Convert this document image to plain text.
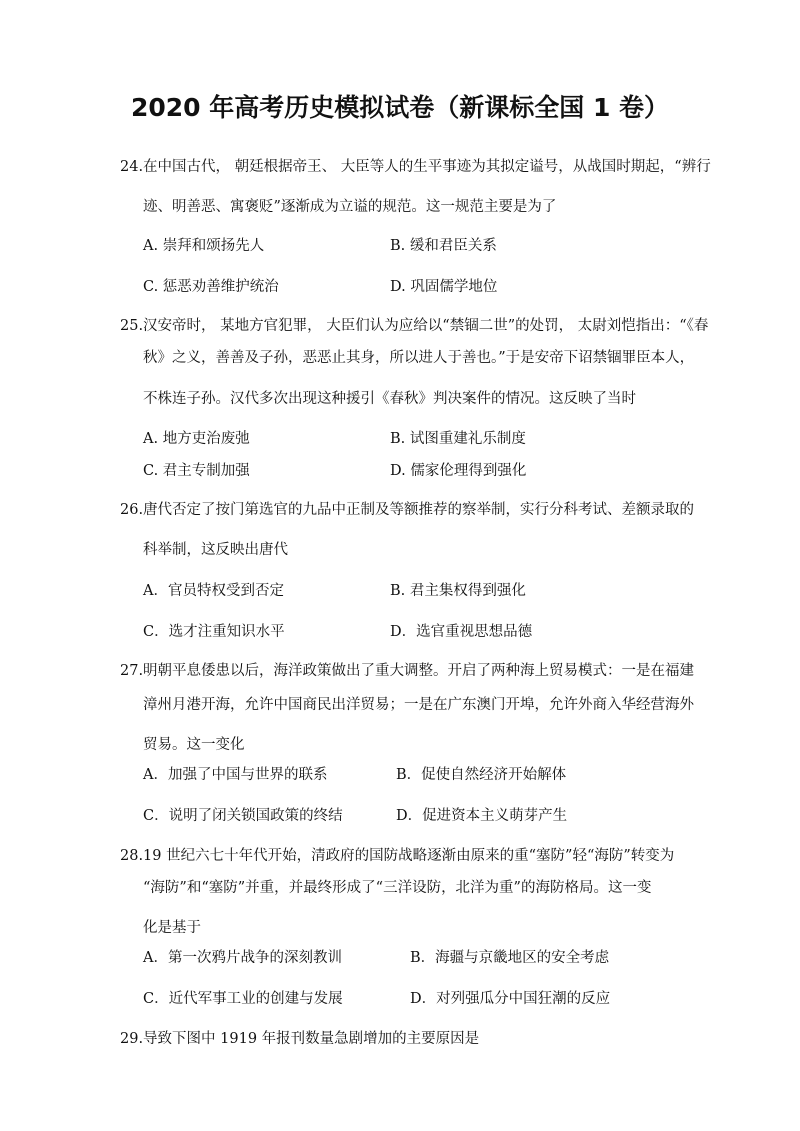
2020 年高考历史模拟试卷（新课标全国 1 卷）
24.在中国古代， 朝廷根据帝王、 大臣等人的生平事迹为其拟定谥号，从战国时期起，“辨行
迹、明善恶、寓褒贬”逐渐成为立谥的规范。这一规范主要是为了
A. 崇拜和颂扬先人	B. 缓和君臣关系
C. 惩恶劝善维护统治	D. 巩固儒学地位
25.汉安帝时， 某地方官犯罪， 大臣们认为应给以“禁锢二世”的处罚， 太尉刘恺指出：“《春
秋》之义，善善及子孙，恶恶止其身，所以进人于善也。”于是安帝下诏禁锢罪臣本人，
不株连子孙。汉代多次出现这种援引《春秋》判决案件的情况。这反映了当时
A. 地方吏治废弛	B. 试图重建礼乐制度
C. 君主专制加强	D. 儒家伦理得到强化
26.唐代否定了按门第选官的九品中正制及等额推荐的察举制，实行分科考试、差额录取的
科举制，这反映出唐代
A．官员特权受到否定	B. 君主集权得到强化
C．选才注重知识水平	D．选官重视思想品德
27.明朝平息倭患以后，海洋政策做出了重大调整。开启了两种海上贸易模式：一是在福建
漳州月港开海，允许中国商民出洋贸易；一是在广东澳门开埠，允许外商入华经营海外
贸易。这一变化
A．加强了中国与世界的联系	B．促使自然经济开始解体
C．说明了闭关锁国政策的终结	D．促进资本主义萌芽产生
28.19 世纪六七十年代开始，清政府的国防战略逐渐由原来的重“塞防”轻“海防”转变为
“海防”和“塞防”并重，并最终形成了“三洋设防，北洋为重”的海防格局。这一变
化是基于
A．第一次鸦片战争的深刻教训	B．海疆与京畿地区的安全考虑
C．近代军事工业的创建与发展	D．对列强瓜分中国狂潮的反应
29.导致下图中 1919 年报刊数量急剧增加的主要原因是
